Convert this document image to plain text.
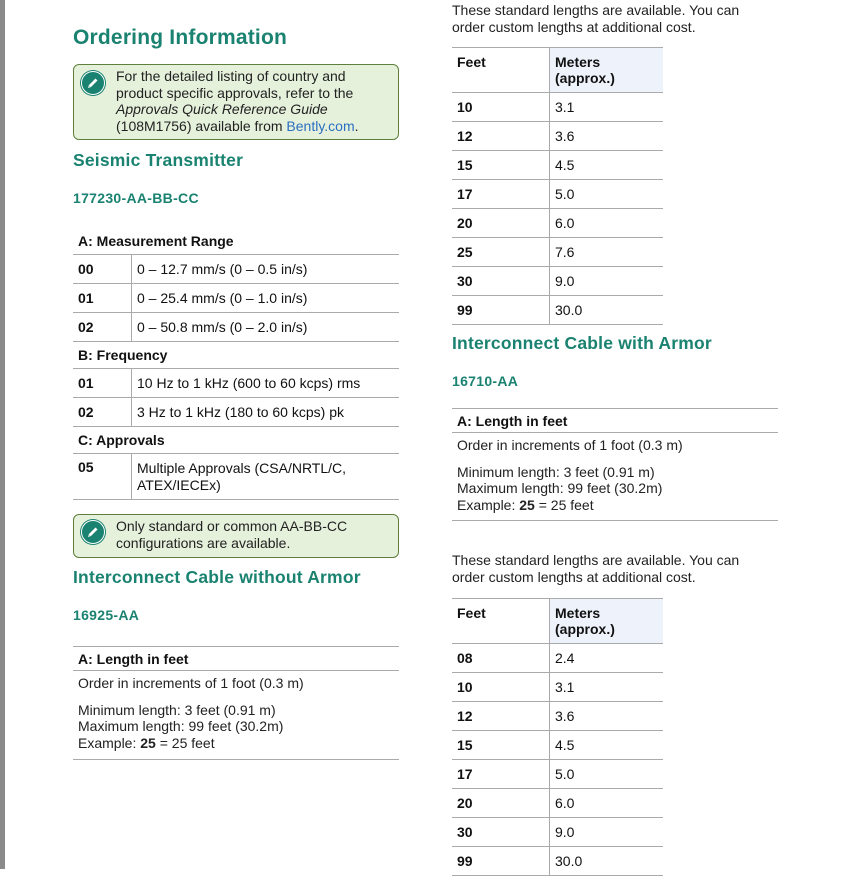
Ordering Information
For the detailed listing of country and
product specific approvals, refer to the
Approvals Quick Reference Guide
(108M1756) available from Bently.com.
Seismic Transmitter
177230-AA-BB-CC
A: Measurement Range	
00	0 – 12.7 mm/s (0 – 0.5 in/s)
01	0 – 25.4 mm/s (0 – 1.0 in/s)
02	0 – 50.8 mm/s (0 – 2.0 in/s)
B: Frequency	
01	10 Hz to 1 kHz (600 to 60 kcps) rms
02	3 Hz to 1 kHz (180 to 60 kcps) pk
C: Approvals	
05	Multiple Approvals (CSA/NRTL/C,
ATEX/IECEx)
Only standard or common AA-BB-CC
configurations are available.
Interconnect Cable without Armor
16925-AA
A: Length in feet
Order in increments of 1 foot (0.3 m)
Minimum length: 3 feet (0.91 m)
Maximum length: 99 feet (30.2m)
Example: 25 = 25 feet
These standard lengths are available. You can
order custom lengths at additional cost.
Feet	Meters
(approx.)

10	3.1
12	3.6
15	4.5
17	5.0
20	6.0
25	7.6
30	9.0
99	30.0
Interconnect Cable with Armor
16710-AA
A: Length in feet
Order in increments of 1 foot (0.3 m)
Minimum length: 3 feet (0.91 m)
Maximum length: 99 feet (30.2m)
Example: 25 = 25 feet
These standard lengths are available. You can
order custom lengths at additional cost.
Feet	Meters
(approx.)

08	2.4
10	3.1
12	3.6
15	4.5
17	5.0
20	6.0
30	9.0
99	30.0
